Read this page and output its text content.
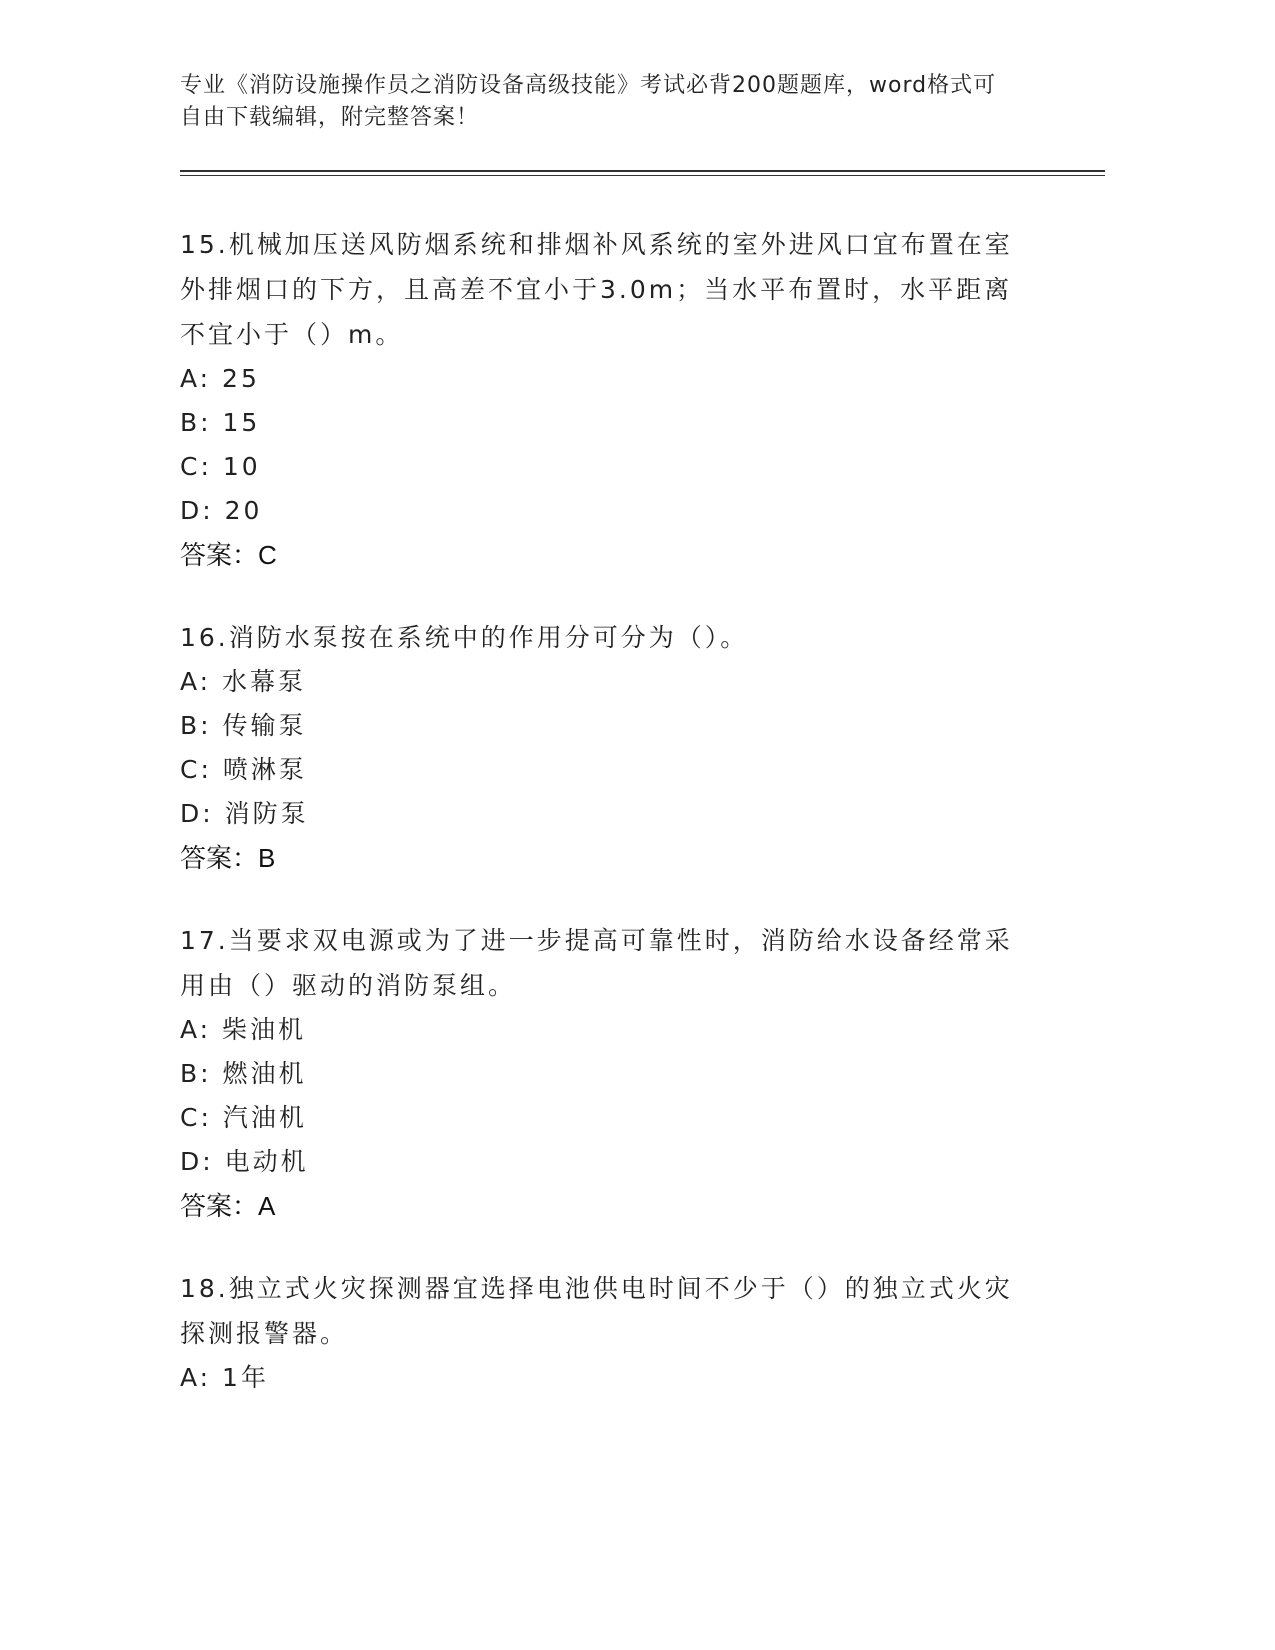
专业《消防设施操作员之消防设备高级技能》考试必背200题题库，word格式可
自由下载编辑，附完整答案！

15.机械加压送风防烟系统和排烟补风系统的室外进风口宜布置在室外排烟口的下方，且高差不宜小于3.0m；当水平布置时，水平距离不宜小于（）m。

A: 25

B: 15

C: 10

D: 20

答案：C

16.消防水泵按在系统中的作用分可分为（）。

A: 水幕泵

B: 传输泵

C: 喷淋泵

D: 消防泵

答案：B

17.当要求双电源或为了进一步提高可靠性时，消防给水设备经常采用由（）驱动的消防泵组。

A: 柴油机

B: 燃油机

C: 汽油机

D: 电动机

答案：A

18.独立式火灾探测器宜选择电池供电时间不少于（）的独立式火灾探测报警器。

A: 1年
